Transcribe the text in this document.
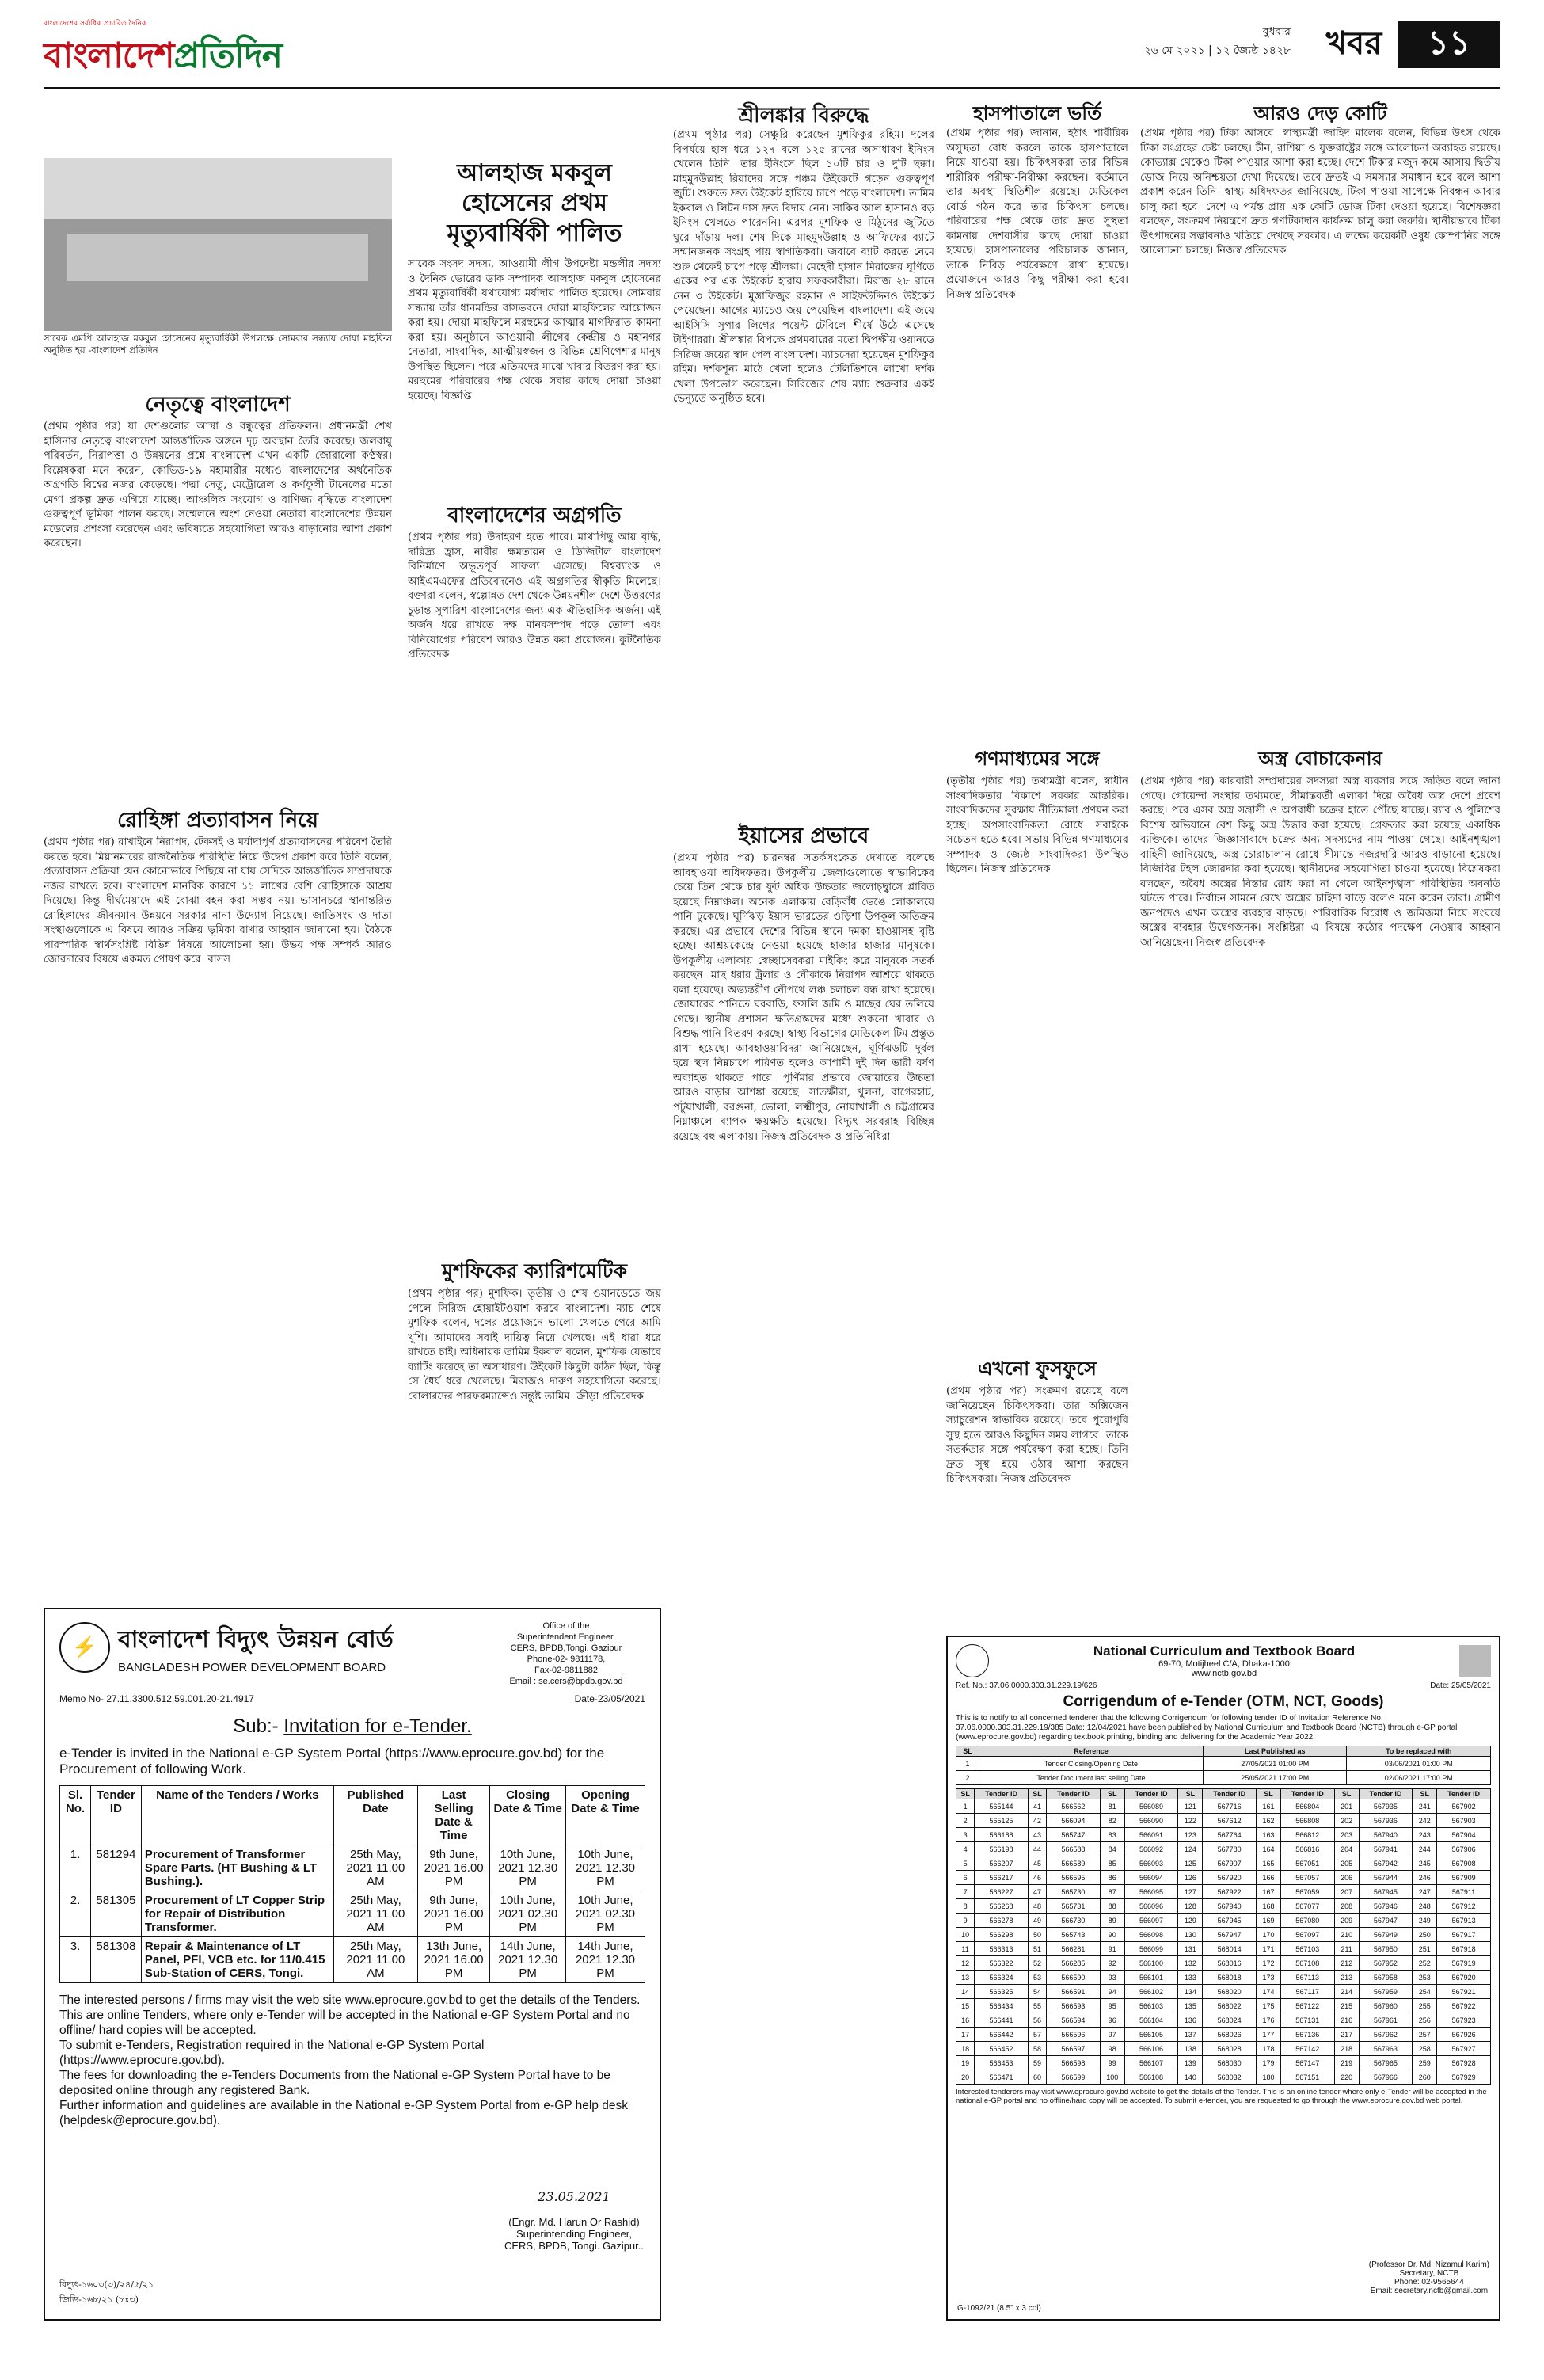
বাংলাদেশের সর্বাধিক প্রচারিত দৈনিক
বাংলাদেশপ্রতিদিন
বুধবার
২৬ মে ২০২১ | ১২ জ্যৈষ্ঠ ১৪২৮	খবর	১১
সাবেক এমপি আলহাজ মকবুল হোসেনের মৃত্যুবার্ষিকী উপলক্ষে সোমবার সন্ধ্যায় দোয়া মাহফিল অনুষ্ঠিত হয় -বাংলাদেশ প্রতিদিন
নেতৃত্বে বাংলাদেশ
(প্রথম পৃষ্ঠার পর) যা দেশগুলোর আস্থা ও বন্ধুত্বের প্রতিফলন। প্রধানমন্ত্রী শেখ হাসিনার নেতৃত্বে বাংলাদেশ আন্তর্জাতিক অঙ্গনে দৃঢ় অবস্থান তৈরি করেছে। জলবায়ু পরিবর্তন, নিরাপত্তা ও উন্নয়নের প্রশ্নে বাংলাদেশ এখন একটি জোরালো কণ্ঠস্বর। বিশ্লেষকরা মনে করেন, কোভিড-১৯ মহামারীর মধ্যেও বাংলাদেশের অর্থনৈতিক অগ্রগতি বিশ্বের নজর কেড়েছে। পদ্মা সেতু, মেট্রোরেল ও কর্ণফুলী টানেলের মতো মেগা প্রকল্প দ্রুত এগিয়ে যাচ্ছে। আঞ্চলিক সংযোগ ও বাণিজ্য বৃদ্ধিতে বাংলাদেশ গুরুত্বপূর্ণ ভূমিকা পালন করছে। সম্মেলনে অংশ নেওয়া নেতারা বাংলাদেশের উন্নয়ন মডেলের প্রশংসা করেছেন এবং ভবিষ্যতে সহযোগিতা আরও বাড়ানোর আশা প্রকাশ করেছেন।
রোহিঙ্গা প্রত্যাবাসন নিয়ে
(প্রথম পৃষ্ঠার পর) রাখাইনে নিরাপদ, টেকসই ও মর্যাদাপূর্ণ প্রত্যাবাসনের পরিবেশ তৈরি করতে হবে। মিয়ানমারের রাজনৈতিক পরিস্থিতি নিয়ে উদ্বেগ প্রকাশ করে তিনি বলেন, প্রত্যাবাসন প্রক্রিয়া যেন কোনোভাবে পিছিয়ে না যায় সেদিকে আন্তর্জাতিক সম্প্রদায়কে নজর রাখতে হবে। বাংলাদেশ মানবিক কারণে ১১ লাখের বেশি রোহিঙ্গাকে আশ্রয় দিয়েছে। কিন্তু দীর্ঘমেয়াদে এই বোঝা বহন করা সম্ভব নয়। ভাসানচরে স্থানান্তরিত রোহিঙ্গাদের জীবনমান উন্নয়নে সরকার নানা উদ্যোগ নিয়েছে। জাতিসংঘ ও দাতা সংস্থাগুলোকে এ বিষয়ে আরও সক্রিয় ভূমিকা রাখার আহ্বান জানানো হয়। বৈঠকে পারস্পরিক স্বার্থসংশ্লিষ্ট বিভিন্ন বিষয়ে আলোচনা হয়। উভয় পক্ষ সম্পর্ক আরও জোরদারের বিষয়ে একমত পোষণ করে। বাসস
আলহাজ মকবুল হোসেনের প্রথম মৃত্যুবার্ষিকী পালিত
সাবেক সংসদ সদস্য, আওয়ামী লীগ উপদেষ্টা মন্ডলীর সদস্য ও দৈনিক ভোরের ডাক সম্পাদক আলহাজ মকবুল হোসেনের প্রথম মৃত্যুবার্ষিকী যথাযোগ্য মর্যাদায় পালিত হয়েছে। সোমবার সন্ধ্যায় তাঁর ধানমন্ডির বাসভবনে দোয়া মাহফিলের আয়োজন করা হয়। দোয়া মাহফিলে মরহুমের আত্মার মাগফিরাত কামনা করা হয়। অনুষ্ঠানে আওয়ামী লীগের কেন্দ্রীয় ও মহানগর নেতারা, সাংবাদিক, আত্মীয়স্বজন ও বিভিন্ন শ্রেণিপেশার মানুষ উপস্থিত ছিলেন। পরে এতিমদের মাঝে খাবার বিতরণ করা হয়। মরহুমের পরিবারের পক্ষ থেকে সবার কাছে দোয়া চাওয়া হয়েছে। বিজ্ঞপ্তি
বাংলাদেশের অগ্রগতি
(প্রথম পৃষ্ঠার পর) উদাহরণ হতে পারে। মাথাপিছু আয় বৃদ্ধি, দারিদ্র্য হ্রাস, নারীর ক্ষমতায়ন ও ডিজিটাল বাংলাদেশ বিনির্মাণে অভূতপূর্ব সাফল্য এসেছে। বিশ্বব্যাংক ও আইএমএফের প্রতিবেদনেও এই অগ্রগতির স্বীকৃতি মিলেছে। বক্তারা বলেন, স্বল্পোন্নত দেশ থেকে উন্নয়নশীল দেশে উত্তরণের চূড়ান্ত সুপারিশ বাংলাদেশের জন্য এক ঐতিহাসিক অর্জন। এই অর্জন ধরে রাখতে দক্ষ মানবসম্পদ গড়ে তোলা এবং বিনিয়োগের পরিবেশ আরও উন্নত করা প্রয়োজন। কুটনৈতিক প্রতিবেদক
মুশফিকের ক্যারিশমেটিক
(প্রথম পৃষ্ঠার পর) মুশফিক। তৃতীয় ও শেষ ওয়ানডেতে জয় পেলে সিরিজ হোয়াইটওয়াশ করবে বাংলাদেশ। ম্যাচ শেষে মুশফিক বলেন, দলের প্রয়োজনে ভালো খেলতে পেরে আমি খুশি। আমাদের সবাই দায়িত্ব নিয়ে খেলছে। এই ধারা ধরে রাখতে চাই। অধিনায়ক তামিম ইকবাল বলেন, মুশফিক যেভাবে ব্যাটিং করেছে তা অসাধারণ। উইকেট কিছুটা কঠিন ছিল, কিন্তু সে ধৈর্য ধরে খেলেছে। মিরাজও দারুণ সহযোগিতা করেছে। বোলারদের পারফরম্যান্সেও সন্তুষ্ট তামিম। ক্রীড়া প্রতিবেদক
শ্রীলঙ্কার বিরুদ্ধে
(প্রথম পৃষ্ঠার পর) সেঞ্চুরি করেছেন মুশফিকুর রহিম। দলের বিপর্যয়ে হাল ধরে ১২৭ বলে ১২৫ রানের অসাধারণ ইনিংস খেলেন তিনি। তার ইনিংসে ছিল ১০টি চার ও দুটি ছক্কা। মাহমুদউল্লাহ রিয়াদের সঙ্গে পঞ্চম উইকেটে গড়েন গুরুত্বপূর্ণ জুটি। শুরুতে দ্রুত উইকেট হারিয়ে চাপে পড়ে বাংলাদেশ। তামিম ইকবাল ও লিটন দাস দ্রুত বিদায় নেন। সাকিব আল হাসানও বড় ইনিংস খেলতে পারেননি। এরপর মুশফিক ও মিঠুনের জুটিতে ঘুরে দাঁড়ায় দল। শেষ দিকে মাহমুদউল্লাহ ও আফিফের ব্যাটে সম্মানজনক সংগ্রহ পায় স্বাগতিকরা। জবাবে ব্যাট করতে নেমে শুরু থেকেই চাপে পড়ে শ্রীলঙ্কা। মেহেদী হাসান মিরাজের ঘূর্ণিতে একের পর এক উইকেট হারায় সফরকারীরা। মিরাজ ২৮ রানে নেন ৩ উইকেট। মুস্তাফিজুর রহমান ও সাইফউদ্দিনও উইকেট পেয়েছেন। আগের ম্যাচেও জয় পেয়েছিল বাংলাদেশ। এই জয়ে আইসিসি সুপার লিগের পয়েন্ট টেবিলে শীর্ষে উঠে এসেছে টাইগাররা। শ্রীলঙ্কার বিপক্ষে প্রথমবারের মতো দ্বিপক্ষীয় ওয়ানডে সিরিজ জয়ের স্বাদ পেল বাংলাদেশ। ম্যাচসেরা হয়েছেন মুশফিকুর রহিম। দর্শকশূন্য মাঠে খেলা হলেও টেলিভিশনে লাখো দর্শক খেলা উপভোগ করেছেন। সিরিজের শেষ ম্যাচ শুক্রবার একই ভেন্যুতে অনুষ্ঠিত হবে।
ইয়াসের প্রভাবে
(প্রথম পৃষ্ঠার পর) চারনম্বর সতর্কসংকেত দেখাতে বলেছে আবহাওয়া অধিদফতর। উপকূলীয় জেলাগুলোতে স্বাভাবিকের চেয়ে তিন থেকে চার ফুট অধিক উচ্চতার জলোচ্ছ্বাসে প্লাবিত হয়েছে নিম্নাঞ্চল। অনেক এলাকায় বেড়িবাঁধ ভেঙে লোকালয়ে পানি ঢুকেছে। ঘূর্ণিঝড় ইয়াস ভারতের ওড়িশা উপকূল অতিক্রম করছে। এর প্রভাবে দেশের বিভিন্ন স্থানে দমকা হাওয়াসহ বৃষ্টি হচ্ছে। আশ্রয়কেন্দ্রে নেওয়া হয়েছে হাজার হাজার মানুষকে। উপকূলীয় এলাকায় স্বেচ্ছাসেবকরা মাইকিং করে মানুষকে সতর্ক করছেন। মাছ ধরার ট্রলার ও নৌকাকে নিরাপদ আশ্রয়ে থাকতে বলা হয়েছে। অভ্যন্তরীণ নৌপথে লঞ্চ চলাচল বন্ধ রাখা হয়েছে। জোয়ারের পানিতে ঘরবাড়ি, ফসলি জমি ও মাছের ঘের তলিয়ে গেছে। স্থানীয় প্রশাসন ক্ষতিগ্রস্তদের মধ্যে শুকনো খাবার ও বিশুদ্ধ পানি বিতরণ করছে। স্বাস্থ্য বিভাগের মেডিকেল টিম প্রস্তুত রাখা হয়েছে। আবহাওয়াবিদরা জানিয়েছেন, ঘূর্ণিঝড়টি দুর্বল হয়ে স্থল নিম্নচাপে পরিণত হলেও আগামী দুই দিন ভারী বর্ষণ অব্যাহত থাকতে পারে। পূর্ণিমার প্রভাবে জোয়ারের উচ্চতা আরও বাড়ার আশঙ্কা রয়েছে। সাতক্ষীরা, খুলনা, বাগেরহাট, পটুয়াখালী, বরগুনা, ভোলা, লক্ষ্মীপুর, নোয়াখালী ও চট্টগ্রামের নিম্নাঞ্চলে ব্যাপক ক্ষয়ক্ষতি হয়েছে। বিদ্যুৎ সরবরাহ বিচ্ছিন্ন রয়েছে বহু এলাকায়। নিজস্ব প্রতিবেদক ও প্রতিনিধিরা
হাসপাতালে ভর্তি
(প্রথম পৃষ্ঠার পর) জানান, হঠাৎ শারীরিক অসুস্থতা বোধ করলে তাকে হাসপাতালে নিয়ে যাওয়া হয়। চিকিৎসকরা তার বিভিন্ন শারীরিক পরীক্ষা-নিরীক্ষা করছেন। বর্তমানে তার অবস্থা স্থিতিশীল রয়েছে। মেডিকেল বোর্ড গঠন করে তার চিকিৎসা চলছে। পরিবারের পক্ষ থেকে তার দ্রুত সুস্থতা কামনায় দেশবাসীর কাছে দোয়া চাওয়া হয়েছে। হাসপাতালের পরিচালক জানান, তাকে নিবিড় পর্যবেক্ষণে রাখা হয়েছে। প্রয়োজনে আরও কিছু পরীক্ষা করা হবে। নিজস্ব প্রতিবেদক
গণমাধ্যমের সঙ্গে
(তৃতীয় পৃষ্ঠার পর) তথ্যমন্ত্রী বলেন, স্বাধীন সাংবাদিকতার বিকাশে সরকার আন্তরিক। সাংবাদিকদের সুরক্ষায় নীতিমালা প্রণয়ন করা হচ্ছে। অপসাংবাদিকতা রোধে সবাইকে সচেতন হতে হবে। সভায় বিভিন্ন গণমাধ্যমের সম্পাদক ও জ্যেষ্ঠ সাংবাদিকরা উপস্থিত ছিলেন। নিজস্ব প্রতিবেদক
এখনো ফুসফুসে
(প্রথম পৃষ্ঠার পর) সংক্রমণ রয়েছে বলে জানিয়েছেন চিকিৎসকরা। তার অক্সিজেন স্যাচুরেশন স্বাভাবিক রয়েছে। তবে পুরোপুরি সুস্থ হতে আরও কিছুদিন সময় লাগবে। তাকে সতর্কতার সঙ্গে পর্যবেক্ষণ করা হচ্ছে। তিনি দ্রুত সুস্থ হয়ে ওঠার আশা করছেন চিকিৎসকরা। নিজস্ব প্রতিবেদক
আরও দেড় কোটি
(প্রথম পৃষ্ঠার পর) টিকা আসবে। স্বাস্থ্যমন্ত্রী জাহিদ মালেক বলেন, বিভিন্ন উৎস থেকে টিকা সংগ্রহের চেষ্টা চলছে। চীন, রাশিয়া ও যুক্তরাষ্ট্রের সঙ্গে আলোচনা অব্যাহত রয়েছে। কোভ্যাক্স থেকেও টিকা পাওয়ার আশা করা হচ্ছে। দেশে টিকার মজুদ কমে আসায় দ্বিতীয় ডোজ নিয়ে অনিশ্চয়তা দেখা দিয়েছে। তবে দ্রুতই এ সমস্যার সমাধান হবে বলে আশা প্রকাশ করেন তিনি। স্বাস্থ্য অধিদফতর জানিয়েছে, টিকা পাওয়া সাপেক্ষে নিবন্ধন আবার চালু করা হবে। দেশে এ পর্যন্ত প্রায় এক কোটি ডোজ টিকা দেওয়া হয়েছে। বিশেষজ্ঞরা বলছেন, সংক্রমণ নিয়ন্ত্রণে দ্রুত গণটিকাদান কার্যক্রম চালু করা জরুরি। স্থানীয়ভাবে টিকা উৎপাদনের সম্ভাবনাও খতিয়ে দেখছে সরকার। এ লক্ষ্যে কয়েকটি ওষুধ কোম্পানির সঙ্গে আলোচনা চলছে। নিজস্ব প্রতিবেদক
অস্ত্র বোচাকেনার
(প্রথম পৃষ্ঠার পর) কারবারী সম্প্রদায়ের সদস্যরা অস্ত্র ব্যবসার সঙ্গে জড়িত বলে জানা গেছে। গোয়েন্দা সংস্থার তথ্যমতে, সীমান্তবর্তী এলাকা দিয়ে অবৈধ অস্ত্র দেশে প্রবেশ করছে। পরে এসব অস্ত্র সন্ত্রাসী ও অপরাধী চক্রের হাতে পৌঁছে যাচ্ছে। র‍্যাব ও পুলিশের বিশেষ অভিযানে বেশ কিছু অস্ত্র উদ্ধার করা হয়েছে। গ্রেফতার করা হয়েছে একাধিক ব্যক্তিকে। তাদের জিজ্ঞাসাবাদে চক্রের অন্য সদস্যদের নাম পাওয়া গেছে। আইনশৃঙ্খলা বাহিনী জানিয়েছে, অস্ত্র চোরাচালান রোধে সীমান্তে নজরদারি আরও বাড়ানো হয়েছে। বিজিবির টহল জোরদার করা হয়েছে। স্থানীয়দের সহযোগিতা চাওয়া হয়েছে। বিশ্লেষকরা বলছেন, অবৈধ অস্ত্রের বিস্তার রোধ করা না গেলে আইনশৃঙ্খলা পরিস্থিতির অবনতি ঘটতে পারে। নির্বাচন সামনে রেখে অস্ত্রের চাহিদা বাড়ে বলেও মনে করেন তারা। গ্রামীণ জনপদেও এখন অস্ত্রের ব্যবহার বাড়ছে। পারিবারিক বিরোধ ও জমিজমা নিয়ে সংঘর্ষে অস্ত্রের ব্যবহার উদ্বেগজনক। সংশ্লিষ্টরা এ বিষয়ে কঠোর পদক্ষেপ নেওয়ার আহ্বান জানিয়েছেন। নিজস্ব প্রতিবেদক
⚡ বাংলাদেশ বিদ্যুৎ উন্নয়ন বোর্ড
BANGLADESH POWER DEVELOPMENT BOARD
Office of the
Superintendent Engineer.
CERS, BPDB,Tongi. Gazipur
Phone-02- 9811178,
Fax-02-9811882
Email : se.cers@bpdb.gov.bd
Memo No- 27.11.3300.512.59.001.20-21.4917	Date-23/05/2021
Sub:- Invitation for e-Tender.
e-Tender is invited in the National e-GP System Portal (https://www.eprocure.gov.bd) for the Procurement of following Work.
Sl. No.	Tender ID	Name of the Tenders / Works	Published Date	Last Selling Date & Time	Closing Date & Time	Opening Date & Time
1.	581294	Procurement of Transformer Spare Parts. (HT Bushing & LT Bushing.).	25th May, 2021 11.00 AM	9th June, 2021 16.00 PM	10th June, 2021 12.30 PM	10th June, 2021 12.30 PM
2.	581305	Procurement of LT Copper Strip for Repair of Distribution Transformer.	25th May, 2021 11.00 AM	9th June, 2021 16.00 PM	10th June, 2021 02.30 PM	10th June, 2021 02.30 PM
3.	581308	Repair & Maintenance of LT Panel, PFI, VCB etc. for 11/0.415 Sub-Station of CERS, Tongi.	25th May, 2021 11.00 AM	13th June, 2021 16.00 PM	14th June, 2021 12.30 PM	14th June, 2021 12.30 PM
The interested persons / firms may visit the web site www.eprocure.gov.bd to get the details of the Tenders.
This are online Tenders, where only e-Tender will be accepted in the National e-GP System Portal and no offline/ hard copies will be accepted.
To submit e-Tenders, Registration required in the National e-GP System Portal (https://www.eprocure.gov.bd).
The fees for downloading the e-Tenders Documents from the National e-GP System Portal have to be deposited online through any registered Bank.
Further information and guidelines are available in the National e-GP System Portal from e-GP help desk (helpdesk@eprocure.gov.bd).

23.05.2021

(Engr. Md. Harun Or Rashid)
Superintending Engineer,
CERS, BPDB, Tongi. Gazipur..

বিদ্যুৎ-১৬০৩(৩)/২৪/৫/২১
জিডি-১৬৮/২১ (৮x৩)
National Curriculum and Textbook Board
69-70, Motijheel C/A, Dhaka-1000
www.nctb.gov.bd
Ref. No.: 37.06.0000.303.31.229.19/626	Date: 25/05/2021
Corrigendum of e-Tender (OTM, NCT, Goods)
This is to notify to all concerned tenderer that the following Corrigendum for following tender ID of Invitation Reference No: 37.06.0000.303.31.229.19/385 Date: 12/04/2021 have been published by National Curriculum and Textbook Board (NCTB) through e-GP portal (www.eprocure.gov.bd) regarding textbook printing, binding and delivering for the Academic Year 2022.
SL	Reference	Last Published as	To be replaced with
1	Tender Closing/Opening Date	27/05/2021 01:00 PM	03/06/2021 01:00 PM
2	Tender Document last selling Date	25/05/2021 17:00 PM	02/06/2021 17:00 PM
SL	Tender ID	SL	Tender ID	SL	Tender ID	SL	Tender ID	SL	Tender ID	SL	Tender ID	SL	Tender ID
1	565144	41	566562	81	566089	121	567716	161	566804	201	567935	241	567902
2	565125	42	566094	82	566090	122	567612	162	566808	202	567936	242	567903
3	566188	43	565747	83	566091	123	567764	163	566812	203	567940	243	567904
4	566198	44	566588	84	566092	124	567780	164	566816	204	567941	244	567906
5	566207	45	566589	85	566093	125	567907	165	567051	205	567942	245	567908
6	566217	46	566595	86	566094	126	567920	166	567057	206	567944	246	567909
7	566227	47	565730	87	566095	127	567922	167	567059	207	567945	247	567911
8	566268	48	565731	88	566096	128	567940	168	567077	208	567946	248	567912
9	566278	49	566730	89	566097	129	567945	169	567080	209	567947	249	567913
10	566298	50	565743	90	566098	130	567947	170	567097	210	567949	250	567917
11	566313	51	566281	91	566099	131	568014	171	567103	211	567950	251	567918
12	566322	52	566285	92	566100	132	568016	172	567108	212	567952	252	567919
13	566324	53	566590	93	566101	133	568018	173	567113	213	567958	253	567920
14	566325	54	566591	94	566102	134	568020	174	567117	214	567959	254	567921
15	566434	55	566593	95	566103	135	568022	175	567122	215	567960	255	567922
16	566441	56	566594	96	566104	136	568024	176	567131	216	567961	256	567923
17	566442	57	566596	97	566105	137	568026	177	567136	217	567962	257	567926
18	566452	58	566597	98	566106	138	568028	178	567142	218	567963	258	567927
19	566453	59	566598	99	566107	139	568030	179	567147	219	567965	259	567928
20	566471	60	566599	100	566108	140	568032	180	567151	220	567966	260	567929
Interested tenderers may visit www.eprocure.gov.bd website to get the details of the Tender. This is an online tender where only e-Tender will be accepted in the national e-GP portal and no offline/hard copy will be accepted. To submit e-tender, you are requested to go through the www.eprocure.gov.bd web portal.
(Professor Dr. Md. Nizamul Karim)
Secretary, NCTB
Phone: 02-9565644
Email: secretary.nctb@gmail.com
G-1092/21 (8.5" x 3 col)
